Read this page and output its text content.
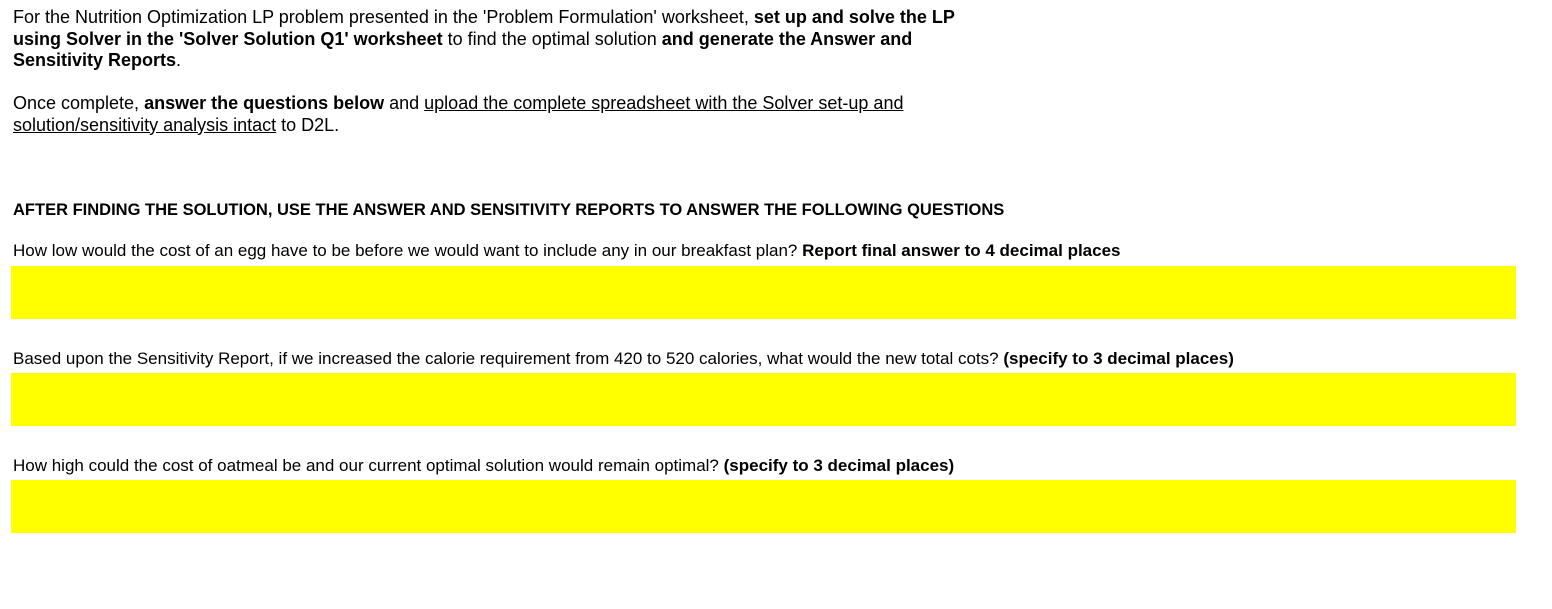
For the Nutrition Optimization LP problem presented in the 'Problem Formulation' worksheet, set up and solve the LP using Solver in the 'Solver Solution Q1' worksheet to find the optimal solution and generate the Answer and Sensitivity Reports.
Once complete, answer the questions below and upload the complete spreadsheet with the Solver set-up and solution/sensitivity analysis intact to D2L.
AFTER FINDING THE SOLUTION, USE THE ANSWER AND SENSITIVITY REPORTS TO ANSWER THE FOLLOWING QUESTIONS
How low would the cost of an egg have to be before we would want to include any in our breakfast plan? Report final answer to 4 decimal places
Based upon the Sensitivity Report, if we increased the calorie requirement from 420 to 520 calories, what would the new total cots? (specify to 3 decimal places)
How high could the cost of oatmeal be and our current optimal solution would remain optimal? (specify to 3 decimal places)
